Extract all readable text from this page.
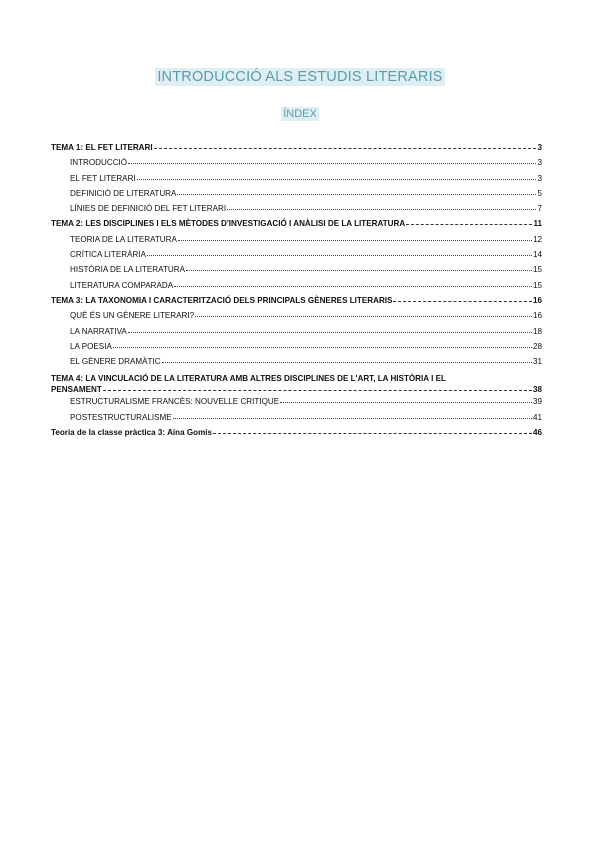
INTRODUCCIÓ ALS ESTUDIS LITERARIS
ÍNDEX
TEMA 1: EL FET LITERARI	3
INTRODUCCIÓ	3
EL FET LITERARI	3
DEFINICIÓ DE LITERATURA	5
LÍNIES DE DEFINICIÓ DEL FET LITERARI	7
TEMA 2: LES DISCIPLINES I ELS MÈTODES D'INVESTIGACIÓ I ANÀLISI DE LA LITERATURA	11
TEORIA DE LA LITERATURA	12
CRÍTICA LITERÀRIA	14
HISTÒRIA DE LA LITERATURA	15
LITERATURA COMPARADA	15
TEMA 3: LA TAXONOMIA I CARACTERITZACIÓ DELS PRINCIPALS GÈNERES LITERARIS	16
QUÈ ÉS UN GÈNERE LITERARI?	16
LA NARRATIVA	18
LA POESIA	28
EL GÈNERE DRAMÀTIC	31
TEMA 4: LA VINCULACIÓ DE LA LITERATURA AMB ALTRES DISCIPLINES DE L'ART, LA HISTÒRIA I EL
PENSAMENT	38
ESTRUCTURALISME FRANCÈS: NOUVELLE CRITIQUE	39
POSTESTRUCTURALISME	41
Teoria de la classe pràctica 3: Aina Gomis	46
